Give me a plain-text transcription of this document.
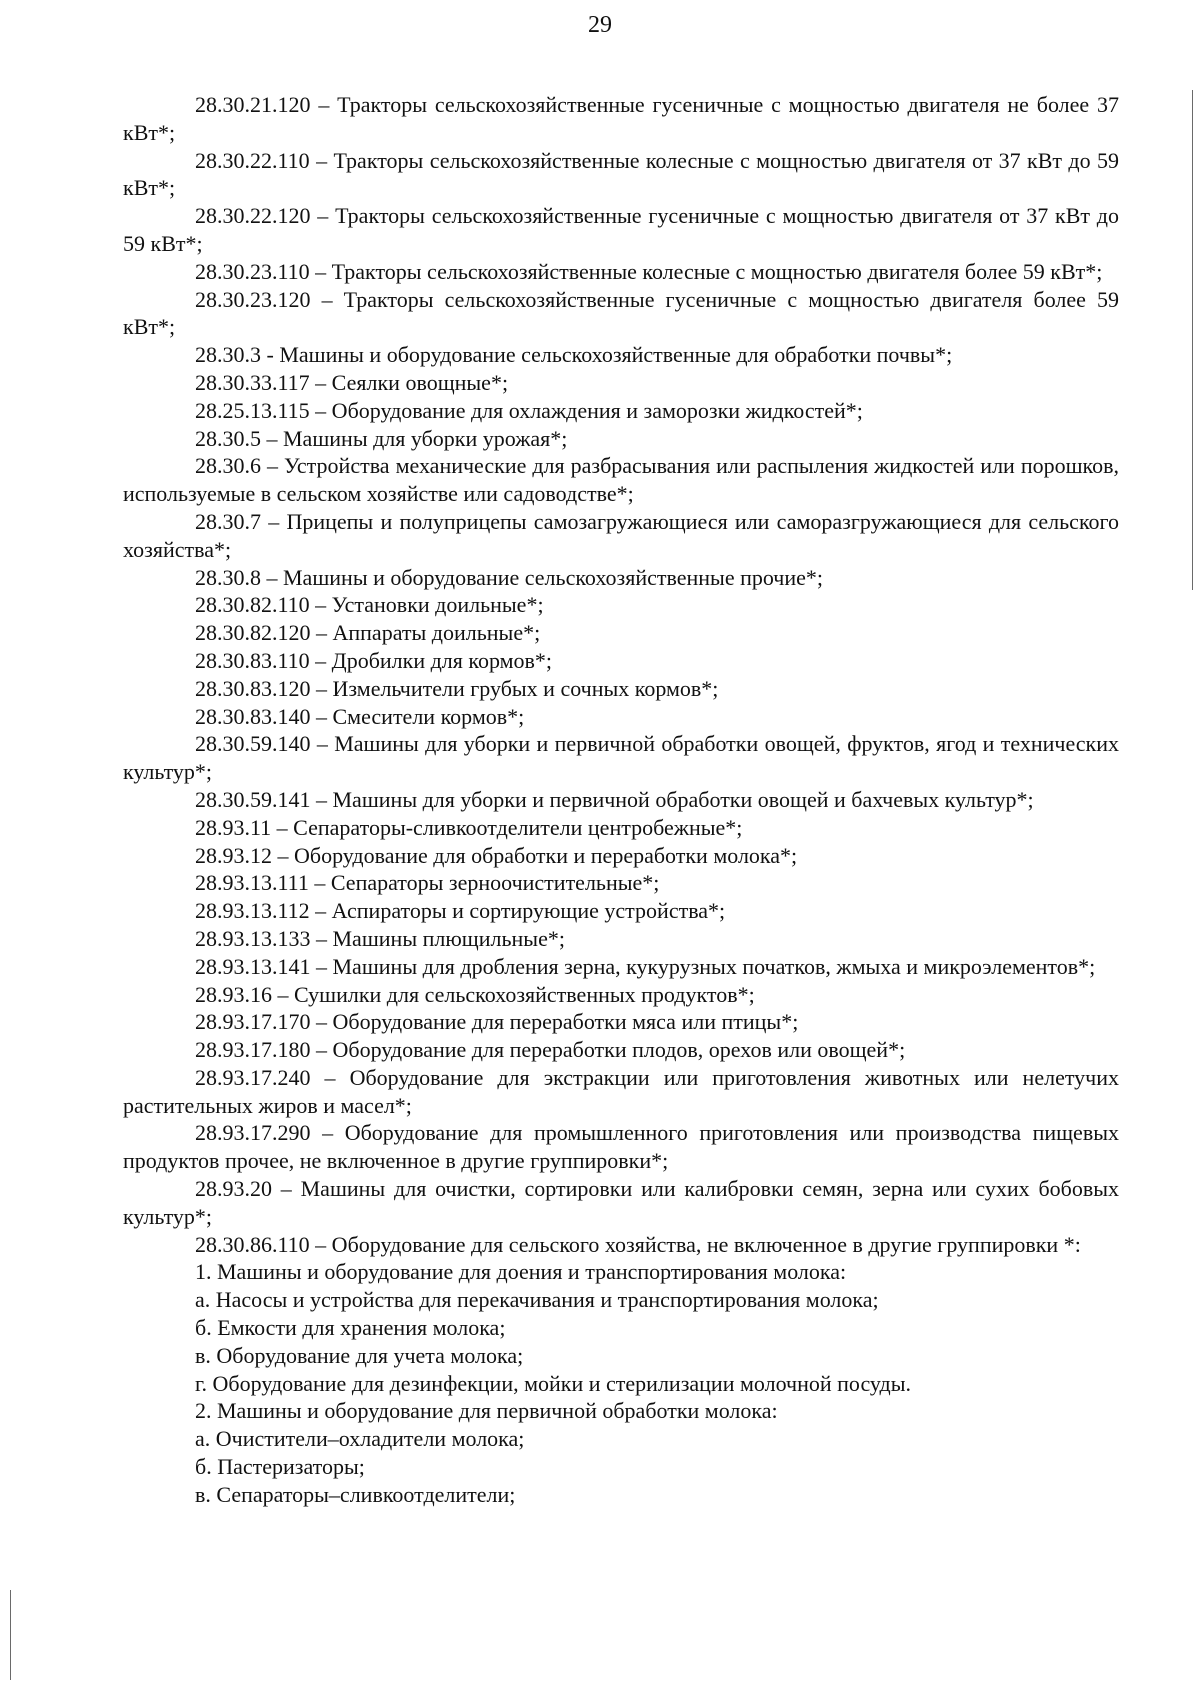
29

28.30.21.120 – Тракторы сельскохозяйственные гусеничные с мощностью двигателя не более 37 кВт*;

28.30.22.110 – Тракторы сельскохозяйственные колесные с мощностью двигателя от 37 кВт до 59 кВт*;

28.30.22.120 – Тракторы сельскохозяйственные гусеничные с мощностью двигателя от 37 кВт до 59 кВт*;

28.30.23.110 – Тракторы сельскохозяйственные колесные с мощностью двигателя более 59 кВт*;

28.30.23.120 – Тракторы сельскохозяйственные гусеничные с мощностью двигателя более 59 кВт*;

28.30.3 - Машины и оборудование сельскохозяйственные для обработки почвы*;

28.30.33.117 – Сеялки овощные*;

28.25.13.115 – Оборудование для охлаждения и заморозки жидкостей*;

28.30.5 – Машины для уборки урожая*;

28.30.6 – Устройства механические для разбрасывания или распыления жидкостей или порошков, используемые в сельском хозяйстве или садоводстве*;

28.30.7 – Прицепы и полуприцепы самозагружающиеся или саморазгружающиеся для сельского хозяйства*;

28.30.8 – Машины и оборудование сельскохозяйственные прочие*;

28.30.82.110 – Установки доильные*;

28.30.82.120 – Аппараты доильные*;

28.30.83.110 – Дробилки для кормов*;

28.30.83.120 – Измельчители грубых и сочных кормов*;

28.30.83.140 – Смесители кормов*;

28.30.59.140 – Машины для уборки и первичной обработки овощей, фруктов, ягод и технических культур*;

28.30.59.141 – Машины для уборки и первичной обработки овощей и бахчевых культур*;

28.93.11 – Сепараторы-сливкоотделители центробежные*;

28.93.12 – Оборудование для обработки и переработки молока*;

28.93.13.111 – Сепараторы зерноочистительные*;

28.93.13.112 – Аспираторы и сортирующие устройства*;

28.93.13.133 – Машины плющильные*;

28.93.13.141 – Машины для дробления зерна, кукурузных початков, жмыха и микроэлементов*;

28.93.16 – Сушилки для сельскохозяйственных продуктов*;

28.93.17.170 – Оборудование для переработки мяса или птицы*;

28.93.17.180 – Оборудование для переработки плодов, орехов или овощей*;

28.93.17.240 – Оборудование для экстракции или приготовления животных или нелетучих растительных жиров и масел*;

28.93.17.290 – Оборудование для промышленного приготовления или производства пищевых продуктов прочее, не включенное в другие группировки*;

28.93.20 – Машины для очистки, сортировки или калибровки семян, зерна или сухих бобовых культур*;

28.30.86.110 – Оборудование для сельского хозяйства, не включенное в другие группировки *:

1. Машины и оборудование для доения и транспортирования молока:

а. Насосы и устройства для перекачивания и транспортирования молока;

б. Емкости для хранения молока;

в. Оборудование для учета молока;

г. Оборудование для дезинфекции, мойки и стерилизации молочной посуды.

2. Машины и оборудование для первичной обработки молока:

а. Очистители–охладители молока;

б. Пастеризаторы;

в. Сепараторы–сливкоотделители;
